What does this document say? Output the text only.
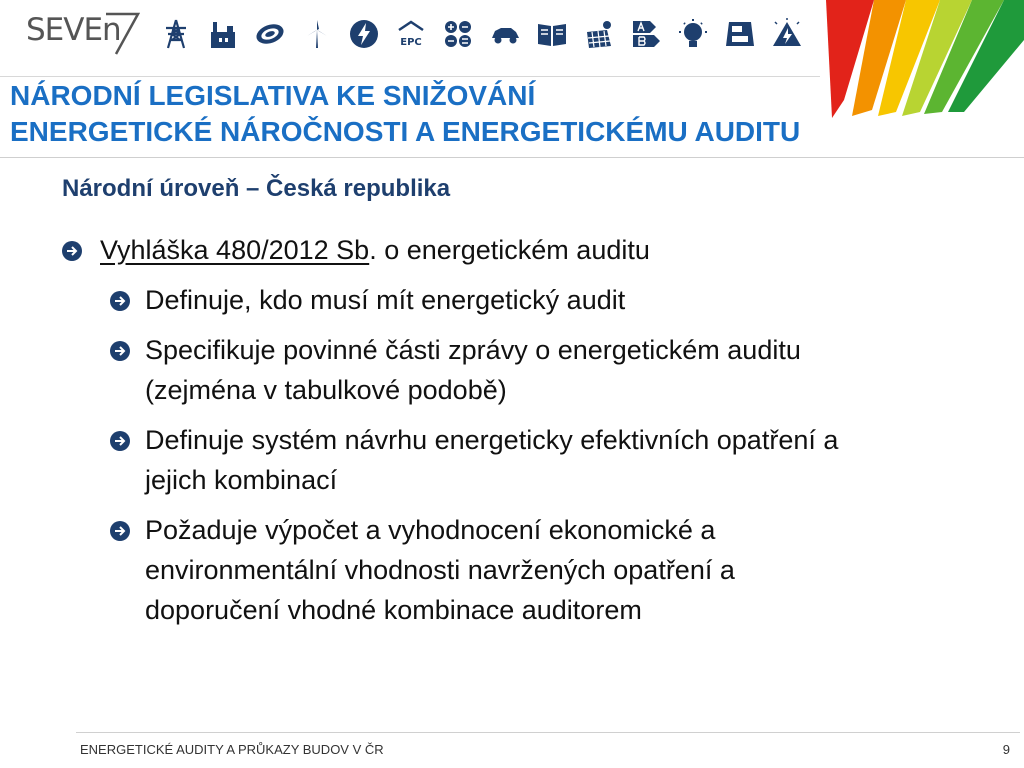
SEVEn	EPC
NÁRODNÍ LEGISLATIVA KE SNIŽOVÁNÍ
ENERGETICKÉ NÁROČNOSTI A ENERGETICKÉMU AUDITU
Národní úroveň – Česká republika
Vyhláška 480/2012 Sb. o energetickém auditu
Definuje, kdo musí mít energetický audit
Specifikuje povinné části zprávy o energetickém auditu
(zejména v tabulkové podobě)
Definuje systém návrhu energeticky efektivních opatření a
jejich kombinací
Požaduje výpočet a vyhodnocení ekonomické a
environmentální vhodnosti navržených opatření a
doporučení vhodné kombinace auditorem
ENERGETICKÉ AUDITY A PRŮKAZY BUDOV V ČR	9
